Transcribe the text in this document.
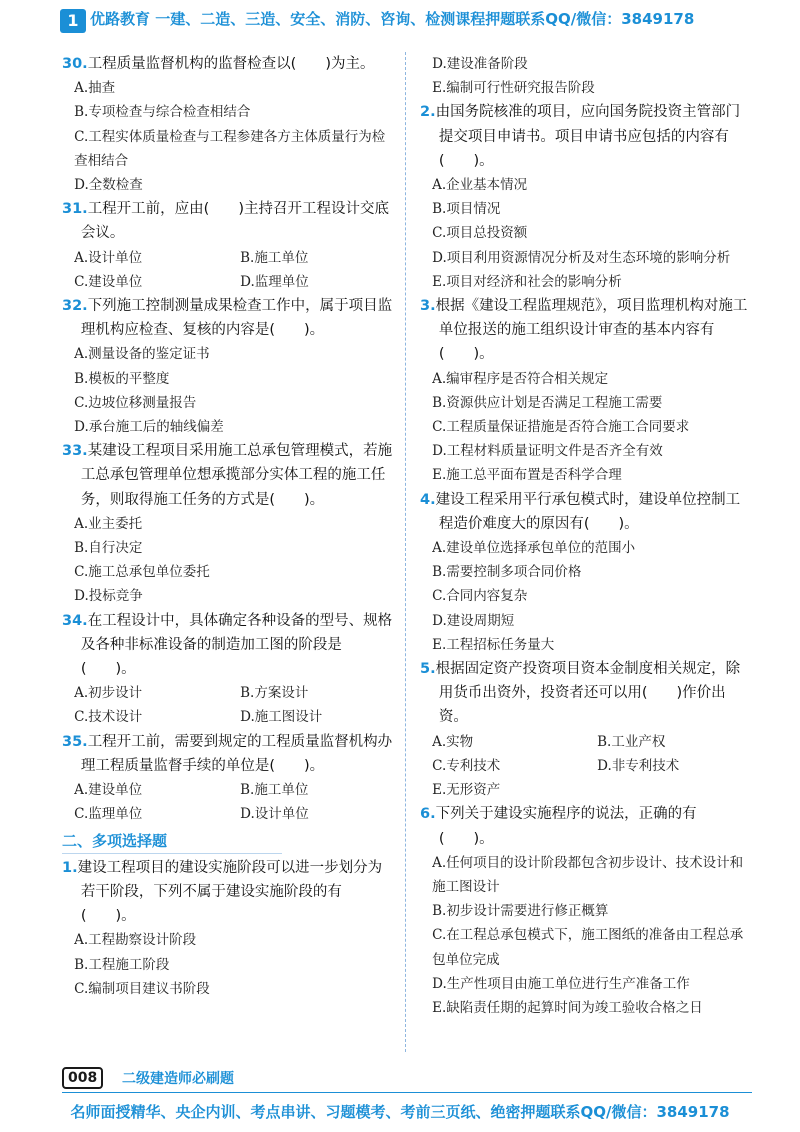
1 优路教育 一建、二造、三造、安全、消防、咨询、检测课程押题联系QQ/微信：3849178
30.工程质量监督机构的监督检查以(　　)为主。
A.抽查
B.专项检查与综合检查相结合
C.工程实体质量检查与工程参建各方主体质量行为检查相结合
D.全数检查
31.工程开工前，应由(　　)主持召开工程设计交底会议。
A.设计单位	B.施工单位
C.建设单位	D.监理单位
32.下列施工控制测量成果检查工作中，属于项目监理机构应检查、复核的内容是(　　)。
A.测量设备的鉴定证书
B.模板的平整度
C.边坡位移测量报告
D.承台施工后的轴线偏差
33.某建设工程项目采用施工总承包管理模式，若施工总承包管理单位想承揽部分实体工程的施工任务，则取得施工任务的方式是(　　)。
A.业主委托
B.自行决定
C.施工总承包单位委托
D.投标竞争
34.在工程设计中，具体确定各种设备的型号、规格及各种非标准设备的制造加工图的阶段是(　　)。
A.初步设计	B.方案设计
C.技术设计	D.施工图设计
35.工程开工前，需要到规定的工程质量监督机构办理工程质量监督手续的单位是(　　)。
A.建设单位	B.施工单位
C.监理单位	D.设计单位
二、多项选择题
1.建设工程项目的建设实施阶段可以进一步划分为若干阶段，下列不属于建设实施阶段的有(　　)。
A.工程勘察设计阶段
B.工程施工阶段
C.编制项目建议书阶段
D.建设准备阶段
E.编制可行性研究报告阶段
2.由国务院核准的项目，应向国务院投资主管部门提交项目申请书。项目申请书应包括的内容有(　　)。
A.企业基本情况
B.项目情况
C.项目总投资额
D.项目利用资源情况分析及对生态环境的影响分析
E.项目对经济和社会的影响分析
3.根据《建设工程监理规范》，项目监理机构对施工单位报送的施工组织设计审查的基本内容有(　　)。
A.编审程序是否符合相关规定
B.资源供应计划是否满足工程施工需要
C.工程质量保证措施是否符合施工合同要求
D.工程材料质量证明文件是否齐全有效
E.施工总平面布置是否科学合理
4.建设工程采用平行承包模式时，建设单位控制工程造价难度大的原因有(　　)。
A.建设单位选择承包单位的范围小
B.需要控制多项合同价格
C.合同内容复杂
D.建设周期短
E.工程招标任务量大
5.根据固定资产投资项目资本金制度相关规定，除用货币出资外，投资者还可以用(　　)作价出资。
A.实物	B.工业产权
C.专利技术	D.非专利技术
E.无形资产
6.下列关于建设实施程序的说法，正确的有(　　)。
A.任何项目的设计阶段都包含初步设计、技术设计和施工图设计
B.初步设计需要进行修正概算
C.在工程总承包模式下，施工图纸的准备由工程总承包单位完成
D.生产性项目由施工单位进行生产准备工作
E.缺陷责任期的起算时间为竣工验收合格之日
008	二级建造师必刷题
名师面授精华、央企内训、考点串讲、习题模考、考前三页纸、绝密押题联系QQ/微信：3849178
